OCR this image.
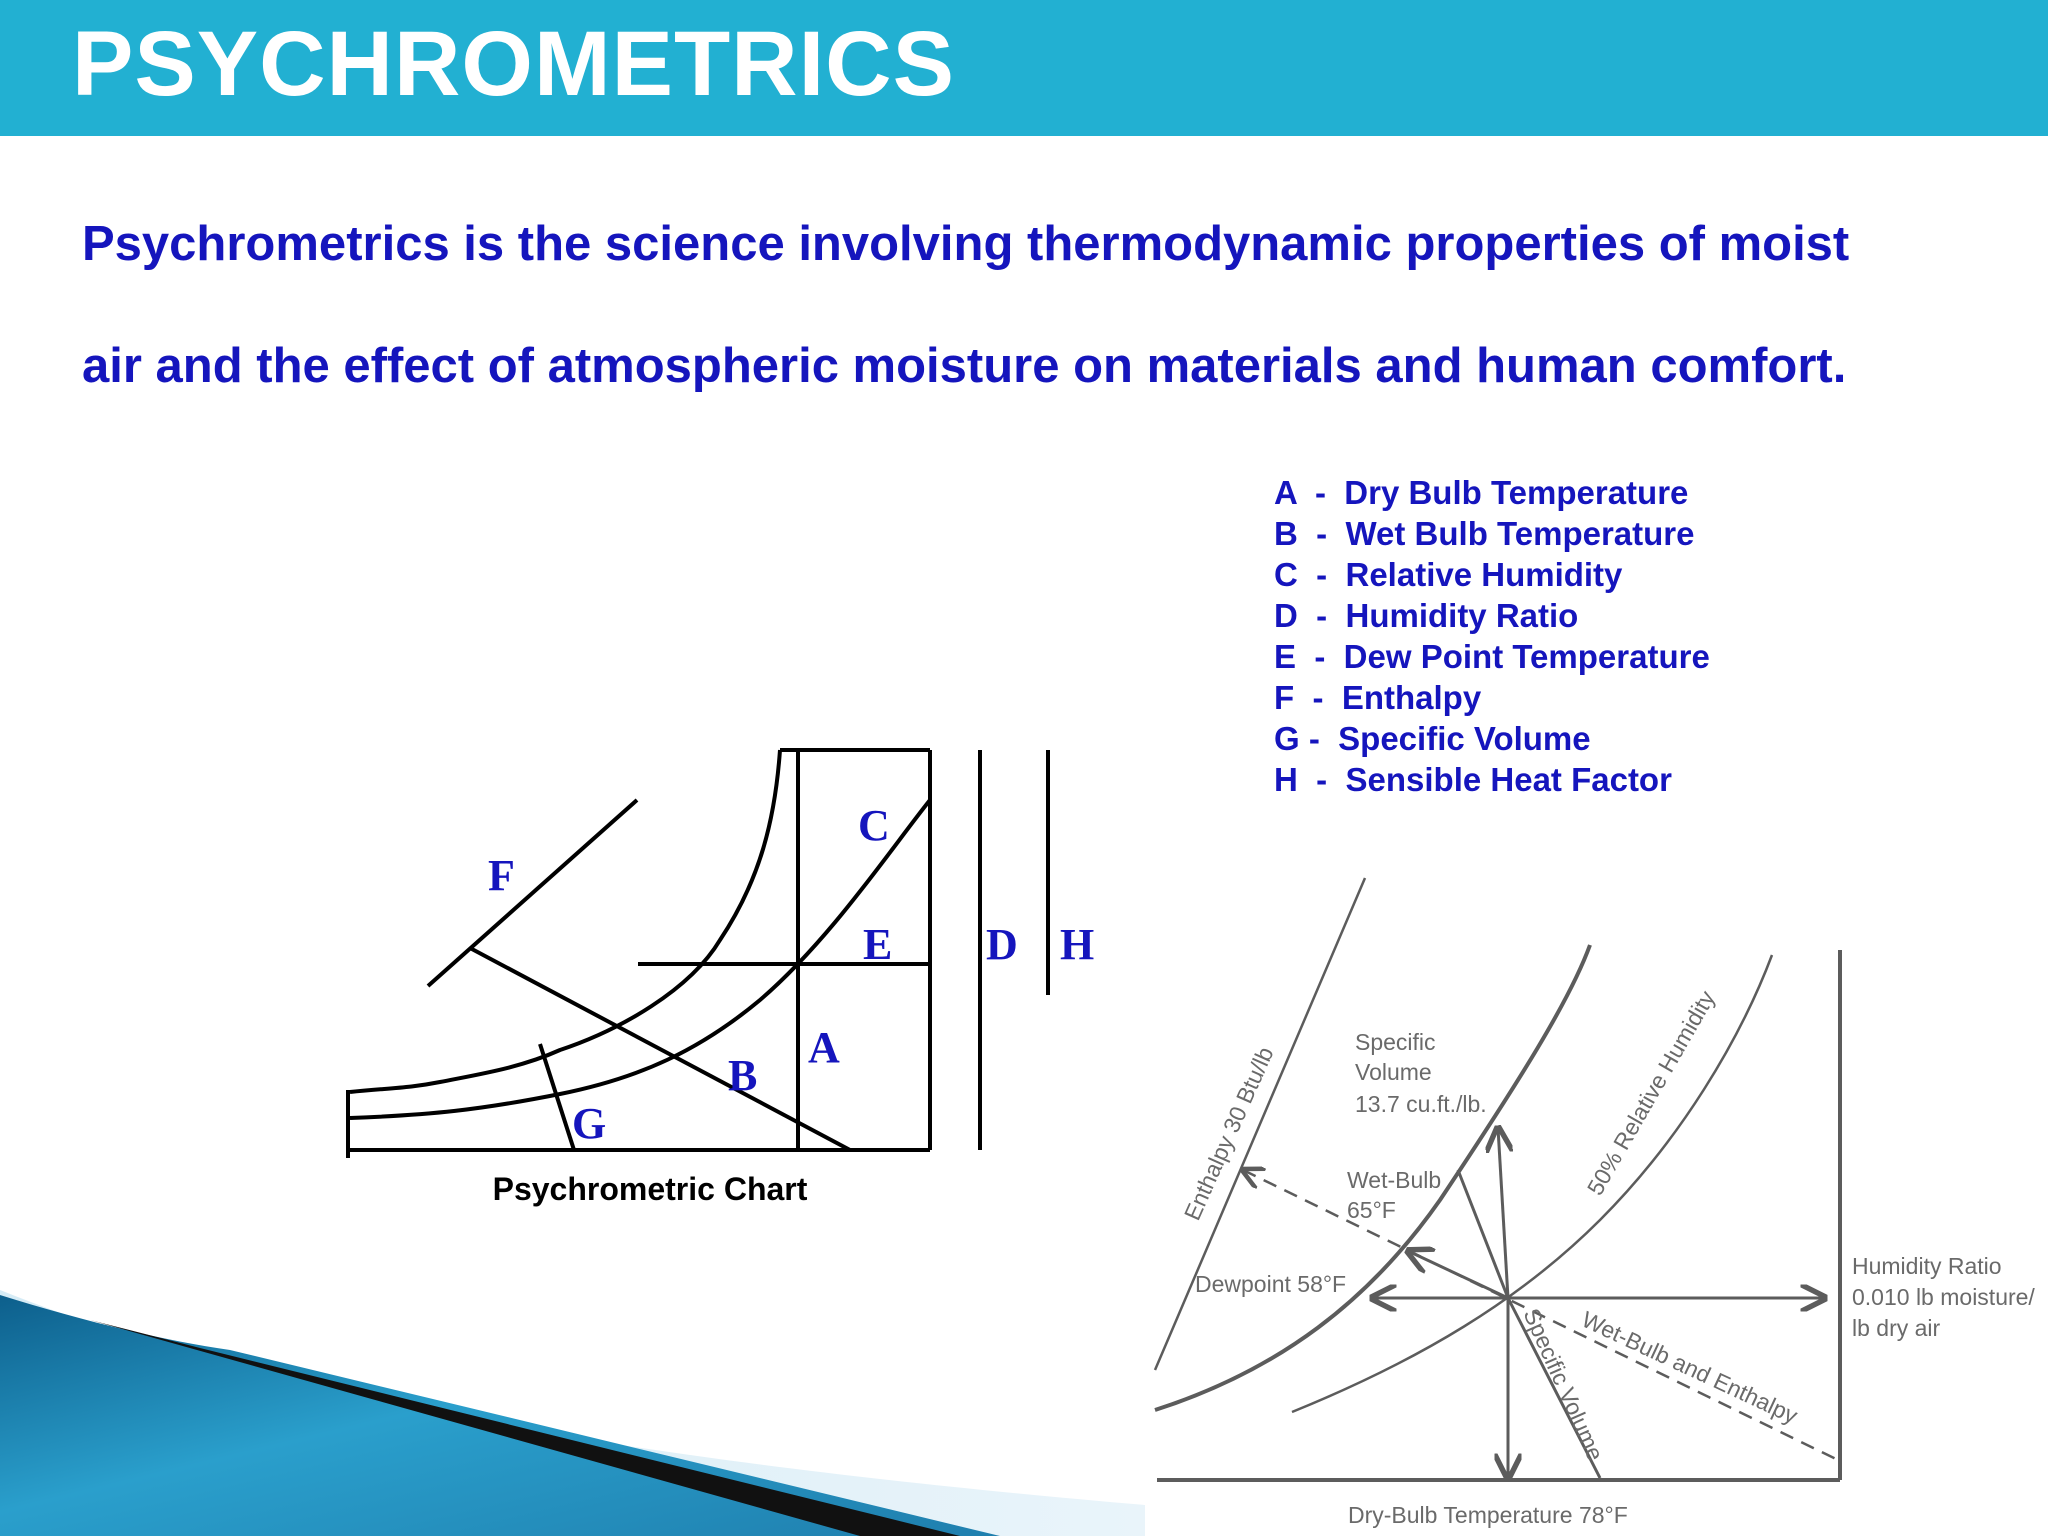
PSYCHROMETRICS
Psychrometrics is the science involving thermodynamic properties of moist
air and the effect of atmospheric moisture on materials and human comfort.
A  -  Dry Bulb Temperature
B  -  Wet Bulb Temperature
C  -  Relative Humidity
D  -  Humidity Ratio
E  -  Dew Point Temperature
F  -  Enthalpy
G -  Specific Volume
H  -  Sensible Heat Factor
C
F
E D H
A
B
G
Psychrometric Chart	Enthalpy 30 Btu/lb
Specific
Volume
13.7 cu.ft./lb.
Wet-Bulb
65°F
50% Relative Humidity
Dewpoint 58°F
Humidity Ratio
0.010 lb moisture/
lb dry air
Specific Volume
Wet-Bulb and Enthalpy
Dry-Bulb Temperature 78°F
